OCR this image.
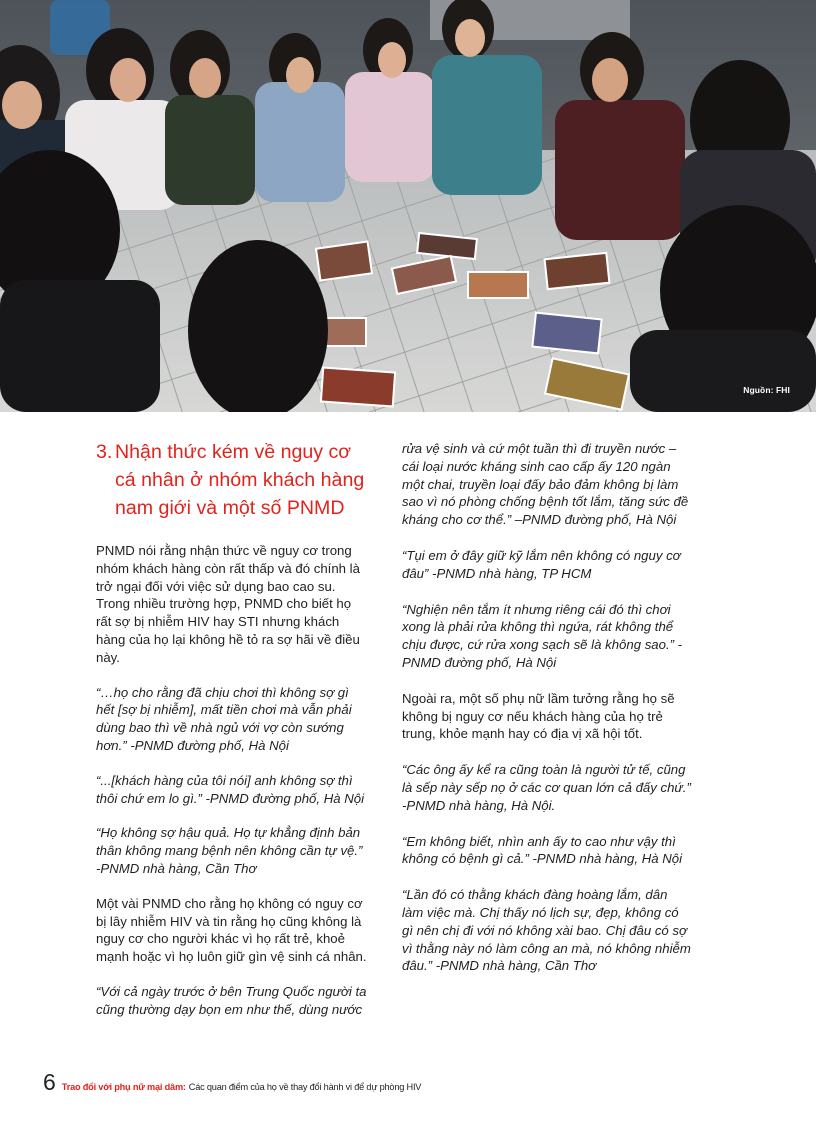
Nguồn: FHI
3. Nhận thức kém về nguy cơ cá nhân ở nhóm khách hàng nam giới và một số PNMD

PNMD nói rằng nhận thức về nguy cơ trong nhóm khách hàng còn rất thấp và đó chính là trở ngại đối với việc sử dụng bao cao su. Trong nhiều trường hợp, PNMD cho biết họ rất sợ bị nhiễm HIV hay STI nhưng khách hàng của họ lại không hề tỏ ra sợ hãi về điều này.

“…họ cho rằng đã chịu chơi thì không sợ gì hết [sợ bị nhiễm], mất tiền chơi mà vẫn phải dùng bao thì về nhà ngủ với vợ còn sướng hơn.” -PNMD đường phố, Hà Nội

“...[khách hàng của tôi nói] anh không sợ thì thôi chứ em lo gì.” -PNMD đường phố, Hà Nội

“Họ không sợ hậu quả. Họ tự khẳng định bản thân không mang bệnh nên không cần tự vệ.” -PNMD nhà hàng, Cần Thơ

Một vài PNMD cho rằng họ không có nguy cơ bị lây nhiễm HIV và tin rằng họ cũng không là nguy cơ cho người khác vì họ rất trẻ, khoẻ mạnh hoặc vì họ luôn giữ gìn vệ sinh cá nhân.

“Với cả ngày trước ở bên Trung Quốc người ta cũng thường dạy bọn em như thế, dùng nước

rửa vệ sinh và cứ một tuần thì đi truyền nước – cái loại nước kháng sinh cao cấp ấy 120 ngàn một chai, truyền loại đấy bảo đảm không bị làm sao vì nó phòng chống bệnh tốt lắm, tăng sức đề kháng cho cơ thể.” –PNMD đường phố, Hà Nội

“Tụi em ở đây giữ kỹ lắm nên không có nguy cơ đâu” -PNMD nhà hàng, TP HCM

“Nghiện nên tắm ít nhưng riêng cái đó thì chơi xong là phải rửa không thì ngứa, rát không thể chịu được, cứ rửa xong sạch sẽ là không sao.” -PNMD đường phố, Hà Nội

Ngoài ra, một số phụ nữ lầm tưởng rằng họ sẽ không bị nguy cơ nếu khách hàng của họ trẻ trung, khỏe mạnh hay có địa vị xã hội tốt.

“Các ông ấy kể ra cũng toàn là người tử tế, cũng là sếp này sếp nọ ở các cơ quan lớn cả đấy chứ.” -PNMD nhà hàng, Hà Nội.

“Em không biết, nhìn anh ấy to cao như vậy thì không có bệnh gì cả.” -PNMD nhà hàng, Hà Nội

“Lần đó có thằng khách đàng hoàng lắm, dân làm việc mà. Chị thấy nó lịch sự, đẹp, không có gì nên chị đi với nó không xài bao. Chị đâu có sợ vì thằng này nó làm công an mà, nó không nhiễm đâu.” -PNMD nhà hàng, Cần Thơ

6 Trao đổi với phụ nữ mại dâm: Các quan điểm của họ về thay đổi hành vi để dự phòng HIV
